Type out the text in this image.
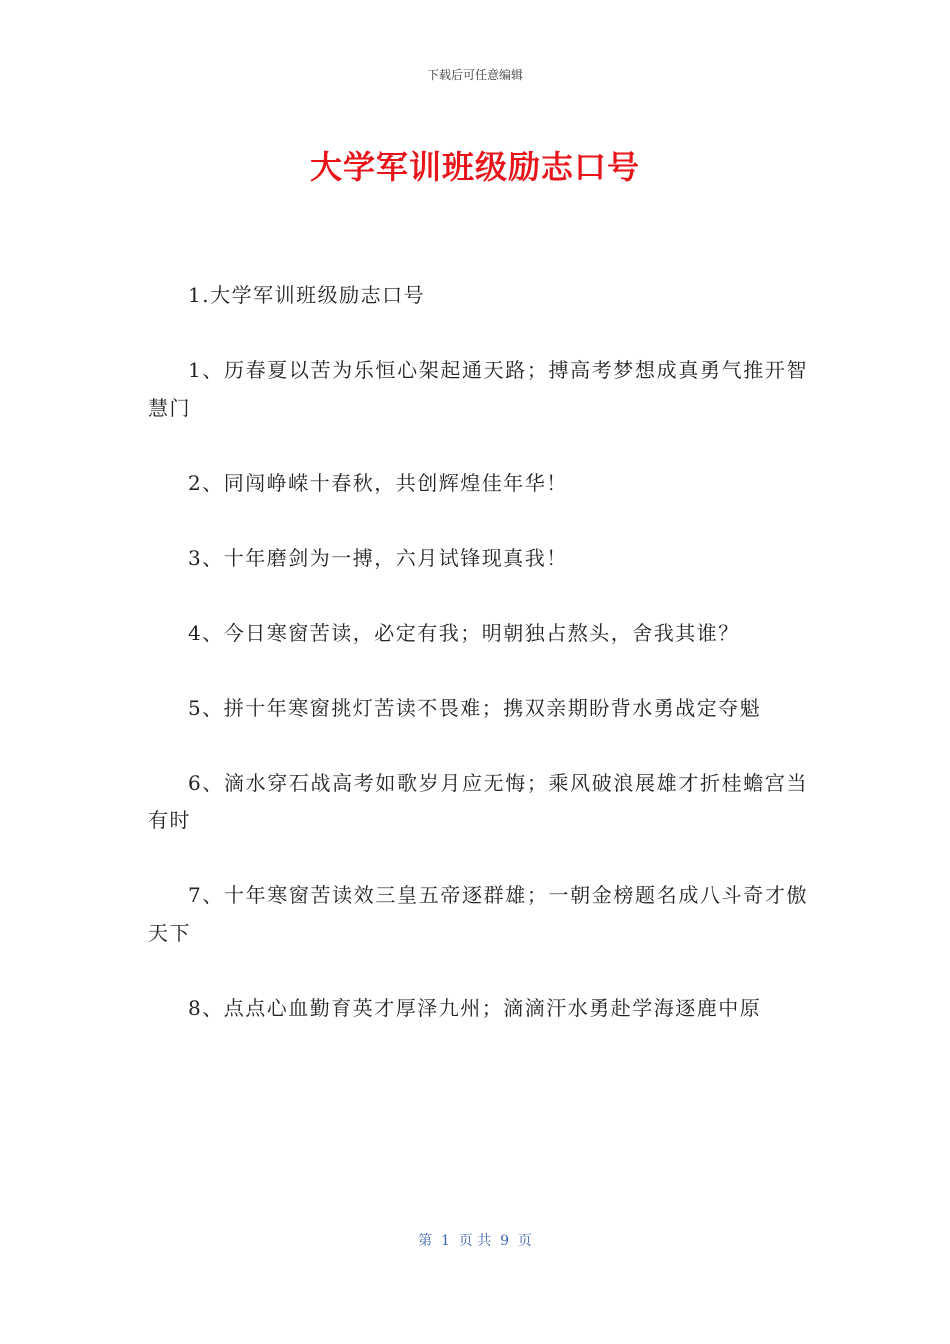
下载后可任意编辑
大学军训班级励志口号

1.大学军训班级励志口号

1、历春夏以苦为乐恒心架起通天路；搏高考梦想成真勇气推开智慧门

2、同闯峥嵘十春秋，共创辉煌佳年华！

3、十年磨剑为一搏，六月试锋现真我！

4、今日寒窗苦读，必定有我；明朝独占熬头，舍我其谁？

5、拼十年寒窗挑灯苦读不畏难；携双亲期盼背水勇战定夺魁

6、滴水穿石战高考如歌岁月应无悔；乘风破浪展雄才折桂蟾宫当有时

7、十年寒窗苦读效三皇五帝逐群雄；一朝金榜题名成八斗奇才傲天下

8、点点心血勤育英才厚泽九州；滴滴汗水勇赴学海逐鹿中原

第  1  页 共  9  页
